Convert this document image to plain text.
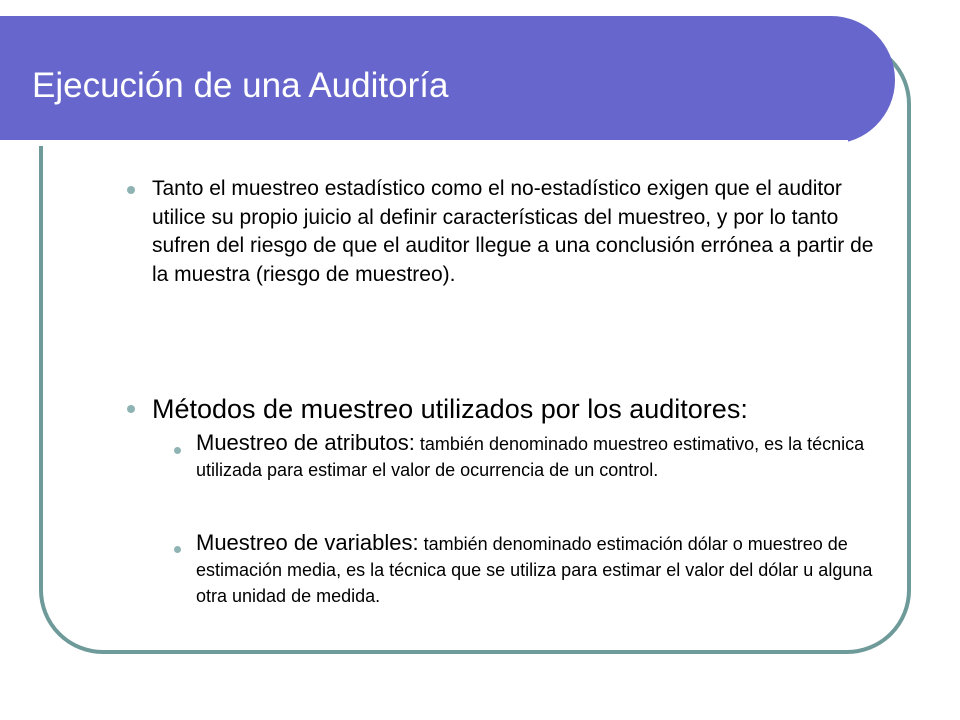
Ejecución de una Auditoría

Tanto el muestreo estadístico como el no-estadístico exigen que el auditor utilice su propio juicio al definir características del muestreo, y por lo tanto sufren del riesgo de que el auditor llegue a una conclusión errónea a partir de la muestra (riesgo de muestreo).

Métodos de muestreo utilizados por los auditores:

Muestreo de atributos: también denominado muestreo estimativo, es la técnica utilizada para estimar el valor de ocurrencia de un control.

Muestreo de variables: también denominado estimación dólar o muestreo de estimación media, es la técnica que se utiliza para estimar el valor del dólar u alguna otra unidad de medida.
